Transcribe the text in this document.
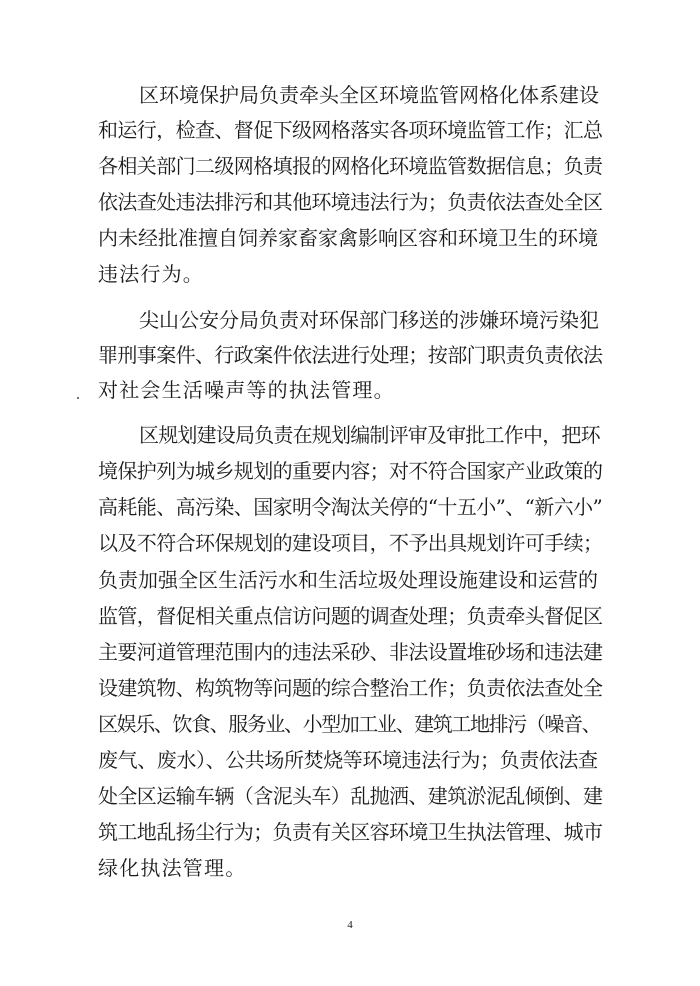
区环境保护局负责牵头全区环境监管网格化体系建设
和运行，检查、督促下级网格落实各项环境监管工作；汇总
各相关部门二级网格填报的网格化环境监管数据信息；负责
依法查处违法排污和其他环境违法行为；负责依法查处全区
内未经批准擅自饲养家畜家禽影响区容和环境卫生的环境
违法行为。
尖山公安分局负责对环保部门移送的涉嫌环境污染犯
罪刑事案件、行政案件依法进行处理；按部门职责负责依法
对社会生活噪声等的执法管理。
区规划建设局负责在规划编制评审及审批工作中，把环
境保护列为城乡规划的重要内容；对不符合国家产业政策的
高耗能、高污染、国家明令淘汰关停的“十五小”、“新六小”
以及不符合环保规划的建设项目，不予出具规划许可手续；
负责加强全区生活污水和生活垃圾处理设施建设和运营的
监管，督促相关重点信访问题的调查处理；负责牵头督促区
主要河道管理范围内的违法采砂、非法设置堆砂场和违法建
设建筑物、构筑物等问题的综合整治工作；负责依法查处全
区娱乐、饮食、服务业、小型加工业、建筑工地排污（噪音、
废气、废水）、公共场所焚烧等环境违法行为；负责依法查
处全区运输车辆（含泥头车）乱抛洒、建筑淤泥乱倾倒、建
筑工地乱扬尘行为；负责有关区容环境卫生执法管理、城市
绿化执法管理。
4
